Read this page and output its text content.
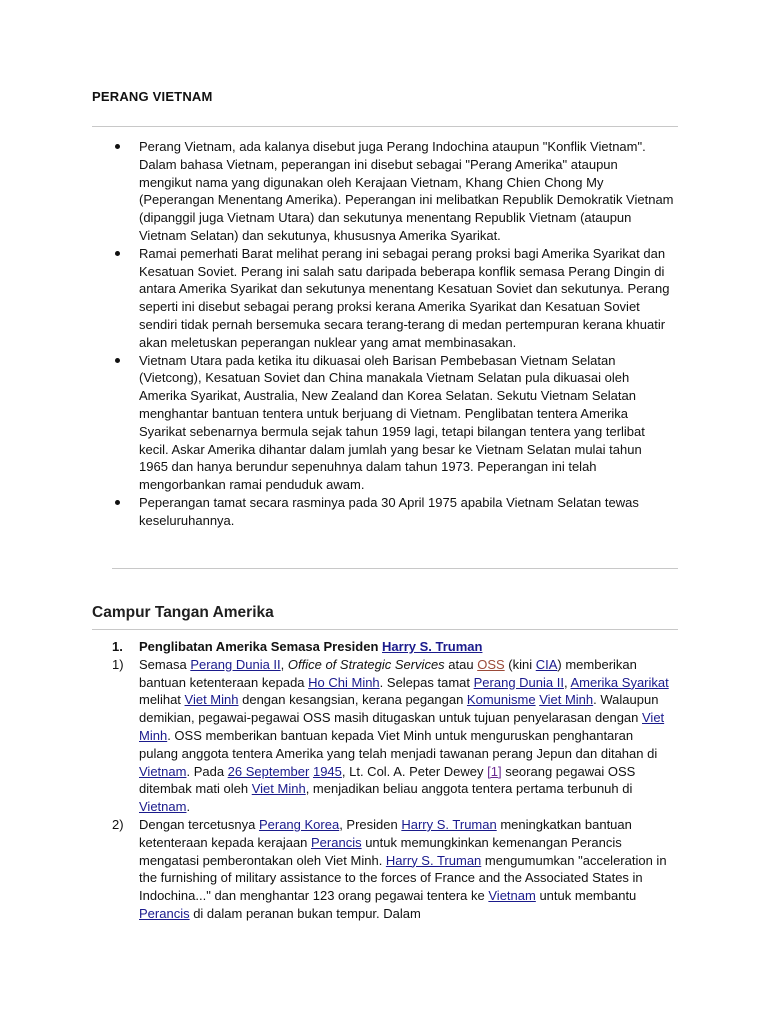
PERANG VIETNAM
Perang Vietnam, ada kalanya disebut juga Perang Indochina ataupun "Konflik Vietnam". Dalam bahasa Vietnam, peperangan ini disebut sebagai "Perang Amerika" ataupun mengikut nama yang digunakan oleh Kerajaan Vietnam, Khang Chien Chong My (Peperangan Menentang Amerika). Peperangan ini melibatkan Republik Demokratik Vietnam (dipanggil juga Vietnam Utara) dan sekutunya menentang Republik Vietnam (ataupun Vietnam Selatan) dan sekutunya, khususnya Amerika Syarikat.
Ramai pemerhati Barat melihat perang ini sebagai perang proksi bagi Amerika Syarikat dan Kesatuan Soviet. Perang ini salah satu daripada beberapa konflik semasa Perang Dingin di antara Amerika Syarikat dan sekutunya menentang Kesatuan Soviet dan sekutunya. Perang seperti ini disebut sebagai perang proksi kerana Amerika Syarikat dan Kesatuan Soviet sendiri tidak pernah bersemuka secara terang-terang di medan pertempuran kerana khuatir akan meletuskan peperangan nuklear yang amat membinasakan.
Vietnam Utara pada ketika itu dikuasai oleh Barisan Pembebasan Vietnam Selatan (Vietcong), Kesatuan Soviet dan China manakala Vietnam Selatan pula dikuasai oleh Amerika Syarikat, Australia, New Zealand dan Korea Selatan. Sekutu Vietnam Selatan menghantar bantuan tentera untuk berjuang di Vietnam. Penglibatan tentera Amerika Syarikat sebenarnya bermula sejak tahun 1959 lagi, tetapi bilangan tentera yang terlibat kecil. Askar Amerika dihantar dalam jumlah yang besar ke Vietnam Selatan mulai tahun 1965 dan hanya berundur sepenuhnya dalam tahun 1973. Peperangan ini telah mengorbankan ramai penduduk awam.
Peperangan tamat secara rasminya pada 30 April 1975 apabila Vietnam Selatan tewas keseluruhannya.
Campur Tangan Amerika
1. Penglibatan Amerika Semasa Presiden Harry S. Truman
1) Semasa Perang Dunia II, Office of Strategic Services atau OSS (kini CIA) memberikan bantuan ketenteraan kepada Ho Chi Minh. Selepas tamat Perang Dunia II, Amerika Syarikat melihat Viet Minh dengan kesangsian, kerana pegangan Komunisme Viet Minh. Walaupun demikian, pegawai-pegawai OSS masih ditugaskan untuk tujuan penyelarasan dengan Viet Minh. OSS memberikan bantuan kepada Viet Minh untuk menguruskan penghantaran pulang anggota tentera Amerika yang telah menjadi tawanan perang Jepun dan ditahan di Vietnam. Pada 26 September 1945, Lt. Col. A. Peter Dewey [1] seorang pegawai OSS ditembak mati oleh Viet Minh, menjadikan beliau anggota tentera pertama terbunuh di Vietnam.
2) Dengan tercetusnya Perang Korea, Presiden Harry S. Truman meningkatkan bantuan ketenteraan kepada kerajaan Perancis untuk memungkinkan kemenangan Perancis mengatasi pemberontakan oleh Viet Minh. Harry S. Truman mengumumkan "acceleration in the furnishing of military assistance to the forces of France and the Associated States in Indochina..." dan menghantar 123 orang pegawai tentera ke Vietnam untuk membantu Perancis di dalam peranan bukan tempur. Dalam
